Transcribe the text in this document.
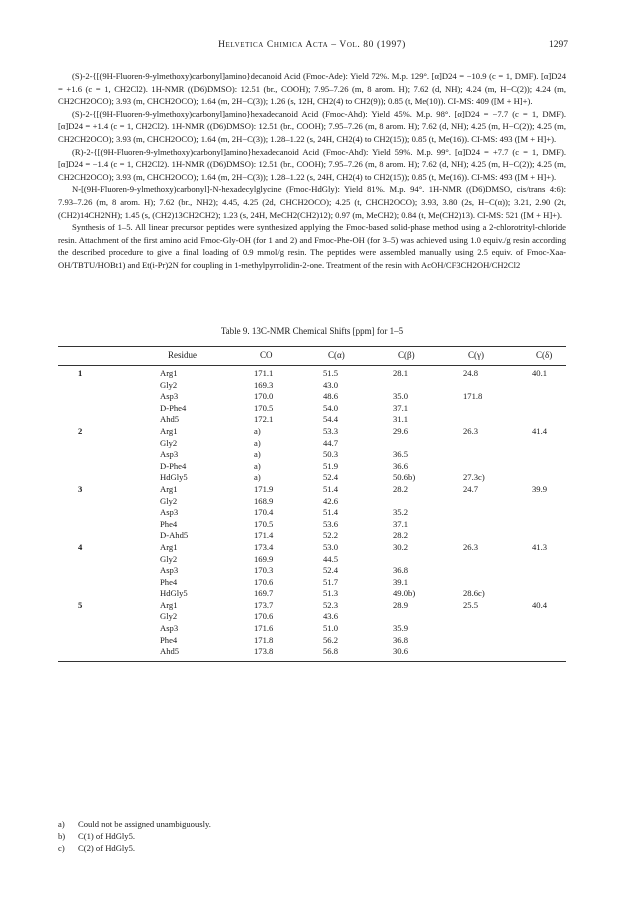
Helvetica Chimica Acta – Vol. 80 (1997)	1297

(S)-2-{[(9H-Fluoren-9-ylmethoxy)carbonyl]amino}decanoid Acid (Fmoc-Ade): Yield 72%. M.p. 129°. [α]D24 = −10.9 (c = 1, DMF). [α]D24 = +1.6 (c = 1, CH2Cl2). 1H-NMR ((D6)DMSO): 12.51 (br., COOH); 7.95–7.26 (m, 8 arom. H); 7.62 (d, NH); 4.24 (m, H−C(2)); 4.24 (m, CH2CH2OCO); 3.93 (m, CHCH2OCO); 1.64 (m, 2H−C(3)); 1.26 (s, 12H, CH2(4) to CH2(9)); 0.85 (t, Me(10)). CI-MS: 409 ([M + H]+).

(S)-2-{[(9H-Fluoren-9-ylmethoxy)carbonyl]amino}hexadecanoid Acid (Fmoc-Ahd): Yield 45%. M.p. 98°. [α]D24 = −7.7 (c = 1, DMF). [α]D24 = +1.4 (c = 1, CH2Cl2). 1H-NMR ((D6)DMSO): 12.51 (br., COOH); 7.95–7.26 (m, 8 arom. H); 7.62 (d, NH); 4.25 (m, H−C(2)); 4.25 (m, CH2CH2OCO); 3.93 (m, CHCH2OCO); 1.64 (m, 2H−C(3)); 1.28–1.22 (s, 24H, CH2(4) to CH2(15)); 0.85 (t, Me(16)). CI-MS: 493 ([M + H]+).

(R)-2-{[(9H-Fluoren-9-ylmethoxy)carbonyl]amino}hexadecanoid Acid (Fmoc-Ahd): Yield 59%. M.p. 99°. [α]D24 = +7.7 (c = 1, DMF). [α]D24 = −1.4 (c = 1, CH2Cl2). 1H-NMR ((D6)DMSO): 12.51 (br., COOH); 7.95–7.26 (m, 8 arom. H); 7.62 (d, NH); 4.25 (m, H−C(2)); 4.25 (m, CH2CH2OCO); 3.93 (m, CHCH2OCO); 1.64 (m, 2H−C(3)); 1.28–1.22 (s, 24H, CH2(4) to CH2(15)); 0.85 (t, Me(16)). CI-MS: 493 ([M + H]+).

N-[(9H-Fluoren-9-ylmethoxy)carbonyl]-N-hexadecylglycine (Fmoc-HdGly): Yield 81%. M.p. 94°. 1H-NMR ((D6)DMSO, cis/trans 4:6): 7.93–7.26 (m, 8 arom. H); 7.62 (br., NH2); 4.45, 4.25 (2d, CHCH2OCO); 4.25 (t, CHCH2OCO); 3.93, 3.80 (2s, H−C(α)); 3.21, 2.90 (2t, (CH2)14CH2NH); 1.45 (s, (CH2)13CH2CH2); 1.23 (s, 24H, MeCH2(CH2)12); 0.97 (m, MeCH2); 0.84 (t, Me(CH2)13). CI-MS: 521 ([M + H]+).

Synthesis of 1–5. All linear precursor peptides were synthesized applying the Fmoc-based solid-phase method using a 2-chlorotrityl-chloride resin. Attachment of the first amino acid Fmoc-Gly-OH (for 1 and 2) and Fmoc-Phe-OH (for 3–5) was achieved using 1.0 equiv./g resin according the described procedure to give a final loading of 0.9 mmol/g resin. The peptides were assembled manually using 2.5 equiv. of Fmoc-Xaa-OH/TBTU/HOBt1) and Et(i-Pr)2N for coupling in 1-methylpyrrolidin-2-one. Treatment of the resin with AcOH/CF3CH2OH/CH2Cl2

Table 9. 13C-NMR Chemical Shifts [ppm] for 1–5
Residue	CO	C(α)	C(β)	C(γ)	C(δ)
1	Arg1	171.1	51.5	28.1	24.8	40.1
Gly2	169.3	43.0
Asp3	170.0	48.6	35.0	171.8
D-Phe4	170.5	54.0	37.1
Ahd5	172.1	54.4	31.1
2	Arg1	a)	53.3	29.6	26.3	41.4
Gly2	a)	44.7
Asp3	a)	50.3	36.5
D-Phe4	a)	51.9	36.6
HdGly5	a)	52.4	50.6b)	27.3c)
3	Arg1	171.9	51.4	28.2	24.7	39.9
Gly2	168.9	42.6
Asp3	170.4	51.4	35.2
Phe4	170.5	53.6	37.1
D-Ahd5	171.4	52.2	28.2
4	Arg1	173.4	53.0	30.2	26.3	41.3
Gly2	169.9	44.5
Asp3	170.3	52.4	36.8
Phe4	170.6	51.7	39.1
HdGly5	169.7	51.3	49.0b)	28.6c)
5	Arg1	173.7	52.3	28.9	25.5	40.4
Gly2	170.6	43.6
Asp3	171.6	51.0	35.9
Phe4	171.8	56.2	36.8
Ahd5	173.8	56.8	30.6
a) Could not be assigned unambiguously.
b) C(1) of HdGly5.
c) C(2) of HdGly5.
